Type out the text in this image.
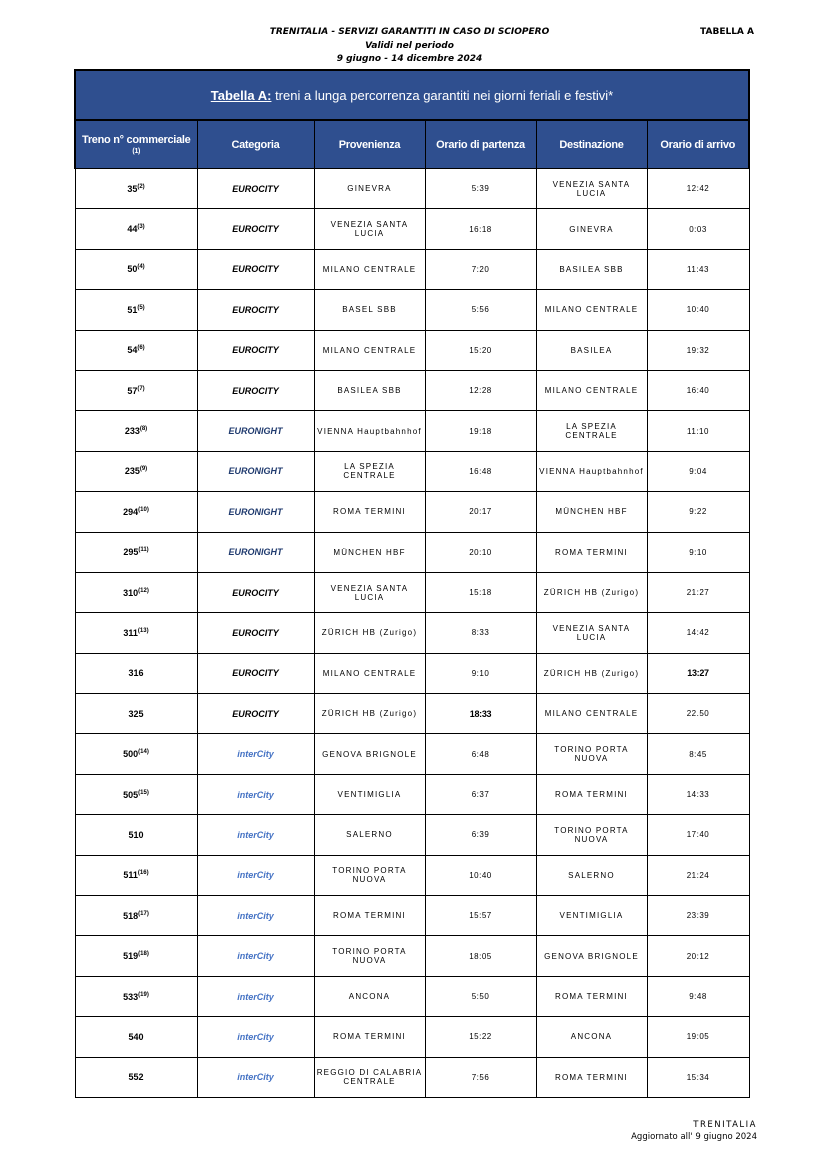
TRENITALIA - SERVIZI GARANTITI IN CASO DI SCIOPERO
Validi nel periodo
9 giugno - 14 dicembre 2024
TABELLA A
Tabella A: treni a lunga percorrenza garantiti nei giorni feriali e festivi*					
Treno n° commerciale
(1)	Categoria	Provenienza	Orario di partenza	Destinazione	Orario di arrivo
35$^{(2)}$	EUROCITY	GINEVRA	5:39	VENEZIA SANTA LUCIA	12:42
44$^{(3)}$	EUROCITY	VENEZIA SANTA LUCIA	16:18	GINEVRA	0:03
50$^{(4)}$	EUROCITY	MILANO CENTRALE	7:20	BASILEA SBB	11:43
51$^{(5)}$	EUROCITY	BASEL SBB	5:56	MILANO CENTRALE	10:40
54$^{(6)}$	EUROCITY	MILANO CENTRALE	15:20	BASILEA	19:32
57$^{(7)}$	EUROCITY	BASILEA SBB	12:28	MILANO CENTRALE	16:40
233$^{(8)}$	EURONIGHT	VIENNA Hauptbahnhof	19:18	LA SPEZIA CENTRALE	11:10
235$^{(9)}$	EURONIGHT	LA SPEZIA CENTRALE	16:48	VIENNA Hauptbahnhof	9:04
294$^{(10)}$	EURONIGHT	ROMA TERMINI	20:17	MÜNCHEN HBF	9:22
295$^{(11)}$	EURONIGHT	MÜNCHEN HBF	20:10	ROMA TERMINI	9:10
310$^{(12)}$	EUROCITY	VENEZIA SANTA LUCIA	15:18	ZÜRICH HB (Zurigo)	21:27
311$^{(13)}$	EUROCITY	ZÜRICH HB (Zurigo)	8:33	VENEZIA SANTA LUCIA	14:42
316	EUROCITY	MILANO CENTRALE	9:10	ZÜRICH HB (Zurigo)	13:27
325	EUROCITY	ZÜRICH HB (Zurigo)	18:33	MILANO CENTRALE	22.50
500$^{(14)}$	interCity	GENOVA BRIGNOLE	6:48	TORINO PORTA NUOVA	8:45
505$^{(15)}$	interCity	VENTIMIGLIA	6:37	ROMA TERMINI	14:33
510	interCity	SALERNO	6:39	TORINO PORTA NUOVA	17:40
511$^{(16)}$	interCity	TORINO PORTA NUOVA	10:40	SALERNO	21:24
518$^{(17)}$	interCity	ROMA TERMINI	15:57	VENTIMIGLIA	23:39
519$^{(18)}$	interCity	TORINO PORTA NUOVA	18:05	GENOVA BRIGNOLE	20:12
533$^{(19)}$	interCity	ANCONA	5:50	ROMA TERMINI	9:48
540	interCity	ROMA TERMINI	15:22	ANCONA	19:05
552	interCity	REGGIO DI CALABRIA CENTRALE	7:56	ROMA TERMINI	15:34
TRENITALIA
Aggiornato all' 9 giugno 2024
